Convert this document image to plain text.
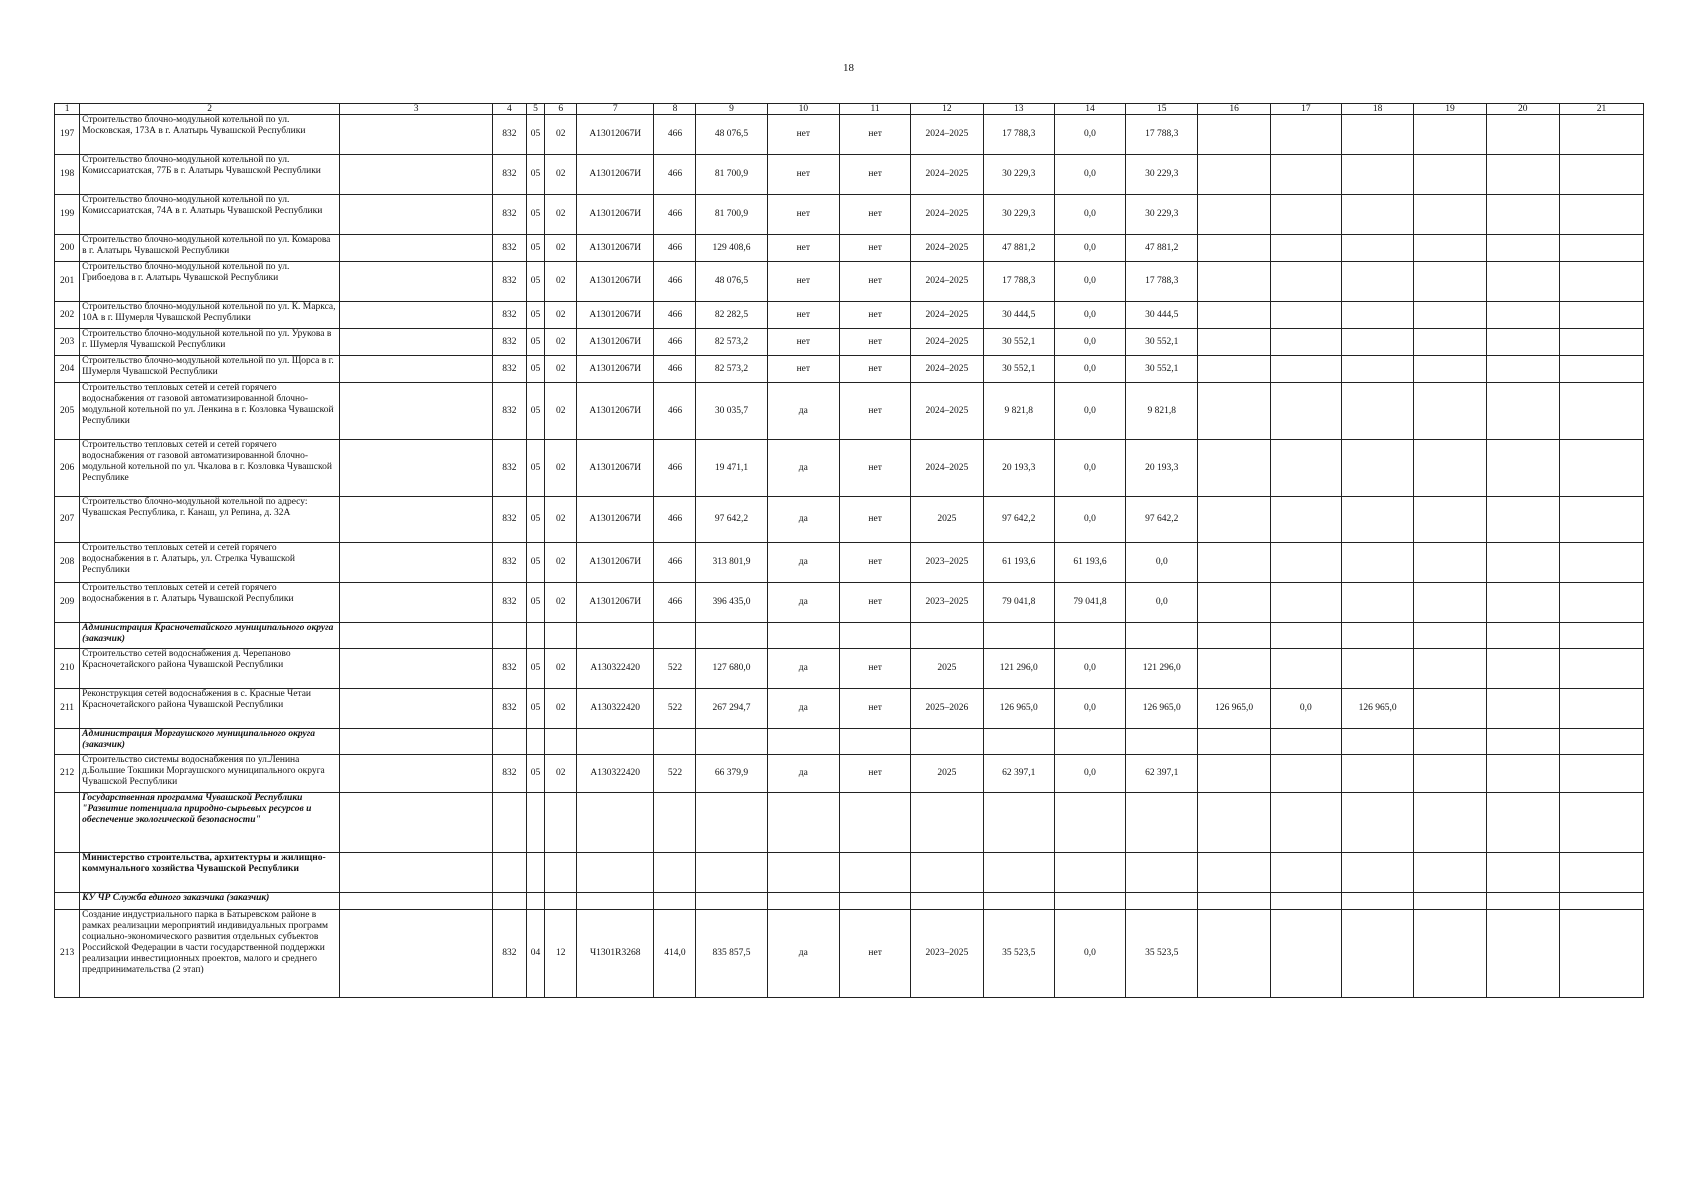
18
1	2	3	4	5	6	7	8	9	10	11	12	13	14	15	16	17	18	19	20	21
197	Строительство блочно-модульной котельной по ул. Московская, 173А в г. Алатырь Чувашской Республики		832	05	02	А13012067И	466	48 076,5	нет	нет	2024–2025	17 788,3	0,0	17 788,3						
198	Строительство блочно-модульной котельной по ул. Комиссариатская, 77Б в г. Алатырь Чувашской Республики		832	05	02	А13012067И	466	81 700,9	нет	нет	2024–2025	30 229,3	0,0	30 229,3						
199	Строительство блочно-модульной котельной по ул. Комиссариатская, 74А в г. Алатырь Чувашской Республики		832	05	02	А13012067И	466	81 700,9	нет	нет	2024–2025	30 229,3	0,0	30 229,3						
200	Строительство блочно-модульной котельной по ул. Комарова в г. Алатырь Чувашской Республики		832	05	02	А13012067И	466	129 408,6	нет	нет	2024–2025	47 881,2	0,0	47 881,2						
201	Строительство блочно-модульной котельной по ул. Грибоедова в г. Алатырь Чувашской Республики		832	05	02	А13012067И	466	48 076,5	нет	нет	2024–2025	17 788,3	0,0	17 788,3						
202	Строительство блочно-модульной котельной по ул. К. Маркса, 10А в г. Шумерля Чувашской Республики		832	05	02	А13012067И	466	82 282,5	нет	нет	2024–2025	30 444,5	0,0	30 444,5						
203	Строительство блочно-модульной котельной по ул. Урукова в г. Шумерля Чувашской Республики		832	05	02	А13012067И	466	82 573,2	нет	нет	2024–2025	30 552,1	0,0	30 552,1						
204	Строительство блочно-модульной котельной по ул. Щорса в г. Шумерля Чувашской Республики		832	05	02	А13012067И	466	82 573,2	нет	нет	2024–2025	30 552,1	0,0	30 552,1						
205	Строительство тепловых сетей и сетей горячего водоснабжения от газовой автоматизированной блочно-модульной котельной по ул. Ленкина в г. Козловка Чувашской Республики		832	05	02	А13012067И	466	30 035,7	да	нет	2024–2025	9 821,8	0,0	9 821,8						
206	Строительство тепловых сетей и сетей горячего водоснабжения от газовой автоматизированной блочно-модульной котельной по ул. Чкалова в г. Козловка Чувашской Республике		832	05	02	А13012067И	466	19 471,1	да	нет	2024–2025	20 193,3	0,0	20 193,3						
207	Строительство блочно-модульной котельной по адресу: Чувашская Республика, г. Канаш, ул Репина, д. 32А		832	05	02	А13012067И	466	97 642,2	да	нет	2025	97 642,2	0,0	97 642,2						
208	Строительство тепловых сетей и сетей горячего водоснабжения в г. Алатырь, ул. Стрелка Чувашской Республики		832	05	02	А13012067И	466	313 801,9	да	нет	2023–2025	61 193,6	61 193,6	0,0						
209	Строительство тепловых сетей и сетей горячего водоснабжения в г. Алатырь Чувашской Республики		832	05	02	А13012067И	466	396 435,0	да	нет	2023–2025	79 041,8	79 041,8	0,0						
	Администрация Красночетайского муниципального округа (заказчик)																			
210	Строительство сетей водоснабжения д. Черепаново Красночетайского района Чувашской Республики		832	05	02	А130322420	522	127 680,0	да	нет	2025	121 296,0	0,0	121 296,0						
211	Реконструкция сетей водоснабжения в с. Красные Четаи Красночетайского района Чувашской Республики		832	05	02	А130322420	522	267 294,7	да	нет	2025–2026	126 965,0	0,0	126 965,0	126 965,0	0,0	126 965,0			
	Администрация Моргаушского муниципального округа (заказчик)																			
212	Строительство системы водоснабжения по ул.Ленина д.Большие Токшики Моргаушского муниципального округа Чувашской Республики		832	05	02	А130322420	522	66 379,9	да	нет	2025	62 397,1	0,0	62 397,1						
	Государственная программа Чувашской Республики "Развитие потенциала природно-сырьевых ресурсов и обеспечение экологической безопасности"																			
	Министерство строительства, архитектуры и жилищно-коммунального хозяйства Чувашской Республики																			
	КУ ЧР Служба единого заказчика (заказчик)																			
213	Создание индустриального парка в Батыревском районе в рамках реализации мероприятий индивидуальных программ социально-экономического развития отдельных субъектов Российской Федерации в части государственной поддержки реализации инвестиционных проектов, малого и среднего предпринимательства (2 этап)		832	04	12	Ч1301R3268	414,0	835 857,5	да	нет	2023–2025	35 523,5	0,0	35 523,5						
